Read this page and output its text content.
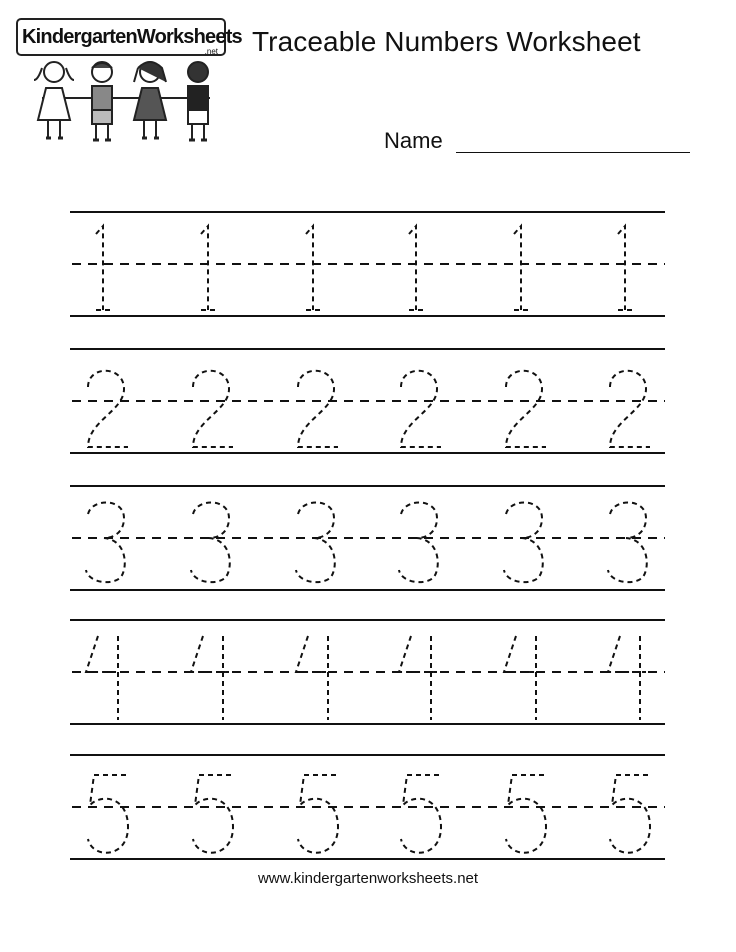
KindergartenWorksheets
.net Traceable Numbers Worksheet
Name
www.kindergartenworksheets.net
